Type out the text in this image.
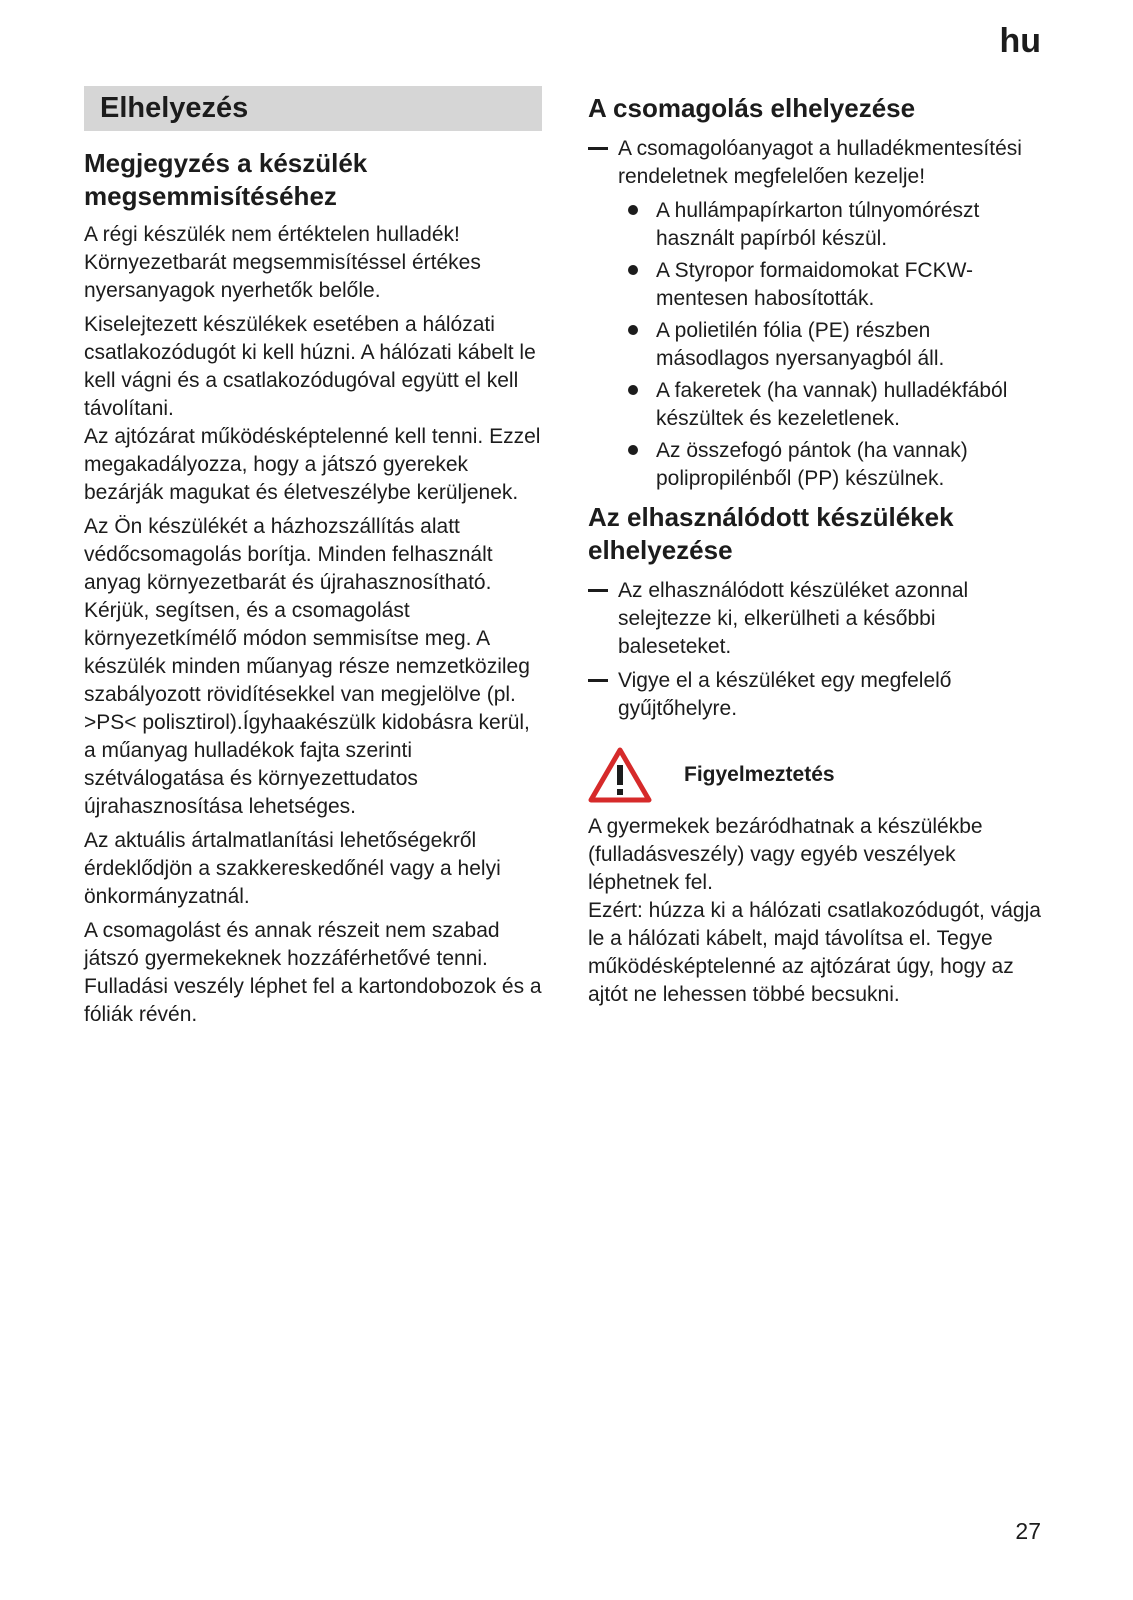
hu
Elhelyezés
Megjegyzés a készülék megsemmisítéséhez

A régi készülék nem értéktelen hulladék! Környezetbarát megsemmisítéssel értékes nyersanyagok nyerhetők belőle.

Kiselejtezett készülékek esetében a hálózati csatlakozódugót ki kell húzni. A hálózati kábelt le kell vágni és a csatlakozódugóval együtt el kell távolítani.

Az ajtózárat működésképtelenné kell tenni. Ezzel megakadályozza, hogy a játszó gyerekek bezárják magukat és életveszélybe kerüljenek.

Az Ön készülékét a házhozszállítás alatt védőcsomagolás borítja. Minden felhasznált anyag környezetbarát és újrahasznosítható. Kérjük, segítsen, és a csomagolást környezetkímélő módon semmisítse meg. A készülék minden műanyag része nemzetközileg szabályozott rövidítésekkel van megjelölve (pl. >PS< polisztirol).Ígyhaakészülk kidobásra kerül, a műanyag hulladékok fajta szerinti szétválogatása és környezettudatos újrahasznosítása lehetséges.

Az aktuális ártalmatlanítási lehetőségekről érdeklődjön a szakkereskedőnél vagy a helyi önkormányzatnál.

A csomagolást és annak részeit nem szabad játszó gyermekeknek hozzáférhetővé tenni. Fulladási veszély léphet fel a kartondobozok és a fóliák révén.

A csomagolás elhelyezése
A csomagolóanyagot a hulladékmentesítési rendeletnek megfelelően kezelje!
A hullámpapírkarton túlnyomórészt használt papírból készül.
A Styropor formaidomokat FCKW-mentesen habosították.
A polietilén fólia (PE) részben másodlagos nyersanyagból áll.
A fakeretek (ha vannak) hulladékfából készültek és kezeletlenek.
Az összefogó pántok (ha vannak) polipropilénből (PP) készülnek.
Az elhasználódott készülékek elhelyezése
Az elhasználódott készüléket azonnal selejtezze ki, elkerülheti a későbbi baleseteket.
Vigye el a készüléket egy megfelelő gyűjtőhelyre.
Figyelmeztetés

A gyermekek bezáródhatnak a készülékbe (fulladásveszély) vagy egyéb veszélyek léphetnek fel.

Ezért: húzza ki a hálózati csatlakozódugót, vágja le a hálózati kábelt, majd távolítsa el. Tegye működésképtelenné az ajtózárat úgy, hogy az ajtót ne lehessen többé becsukni.

27
